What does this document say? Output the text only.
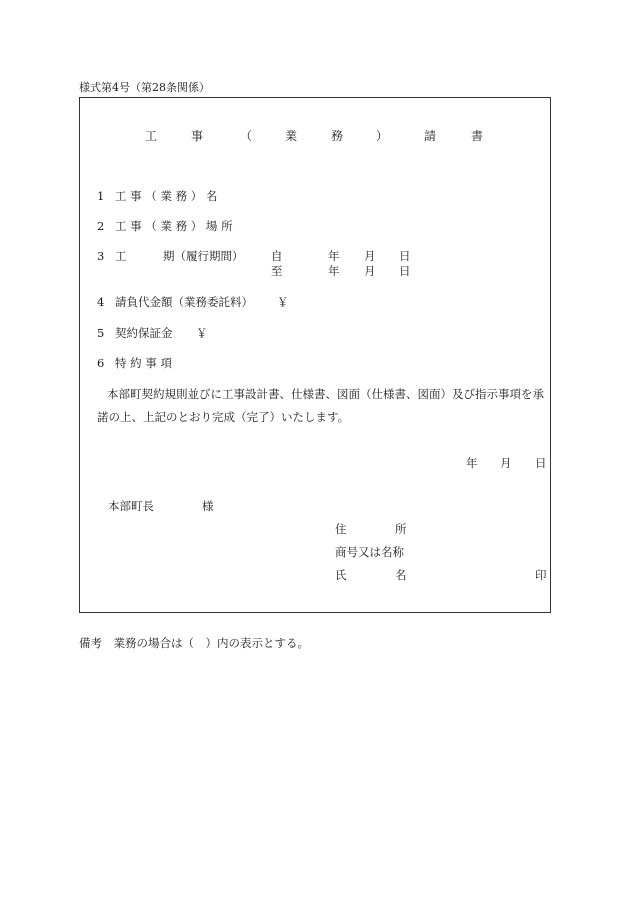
様式第4号（第28条関係）
工	事	（	業	務	）	請	書
1 工 事 （ 業 務 ） 名
2 工 事 （ 業 務 ） 場 所
3 工	期（履行期間） 自	年 月 日
至	年 月 日
4 請負代金額（業務委託料） ￥
5 契約保証金 ￥
6 特 約 事 項
本部町契約規則並びに工事設計書、仕様書、図面（仕様書、図面）及び指示事項を承
諾の上、上記のとおり完成（完了）いたします。
年 月 日
本部町長	様
住	所
商号又は名称
氏	名	印
備考　業務の場合は（　）内の表示とする。
